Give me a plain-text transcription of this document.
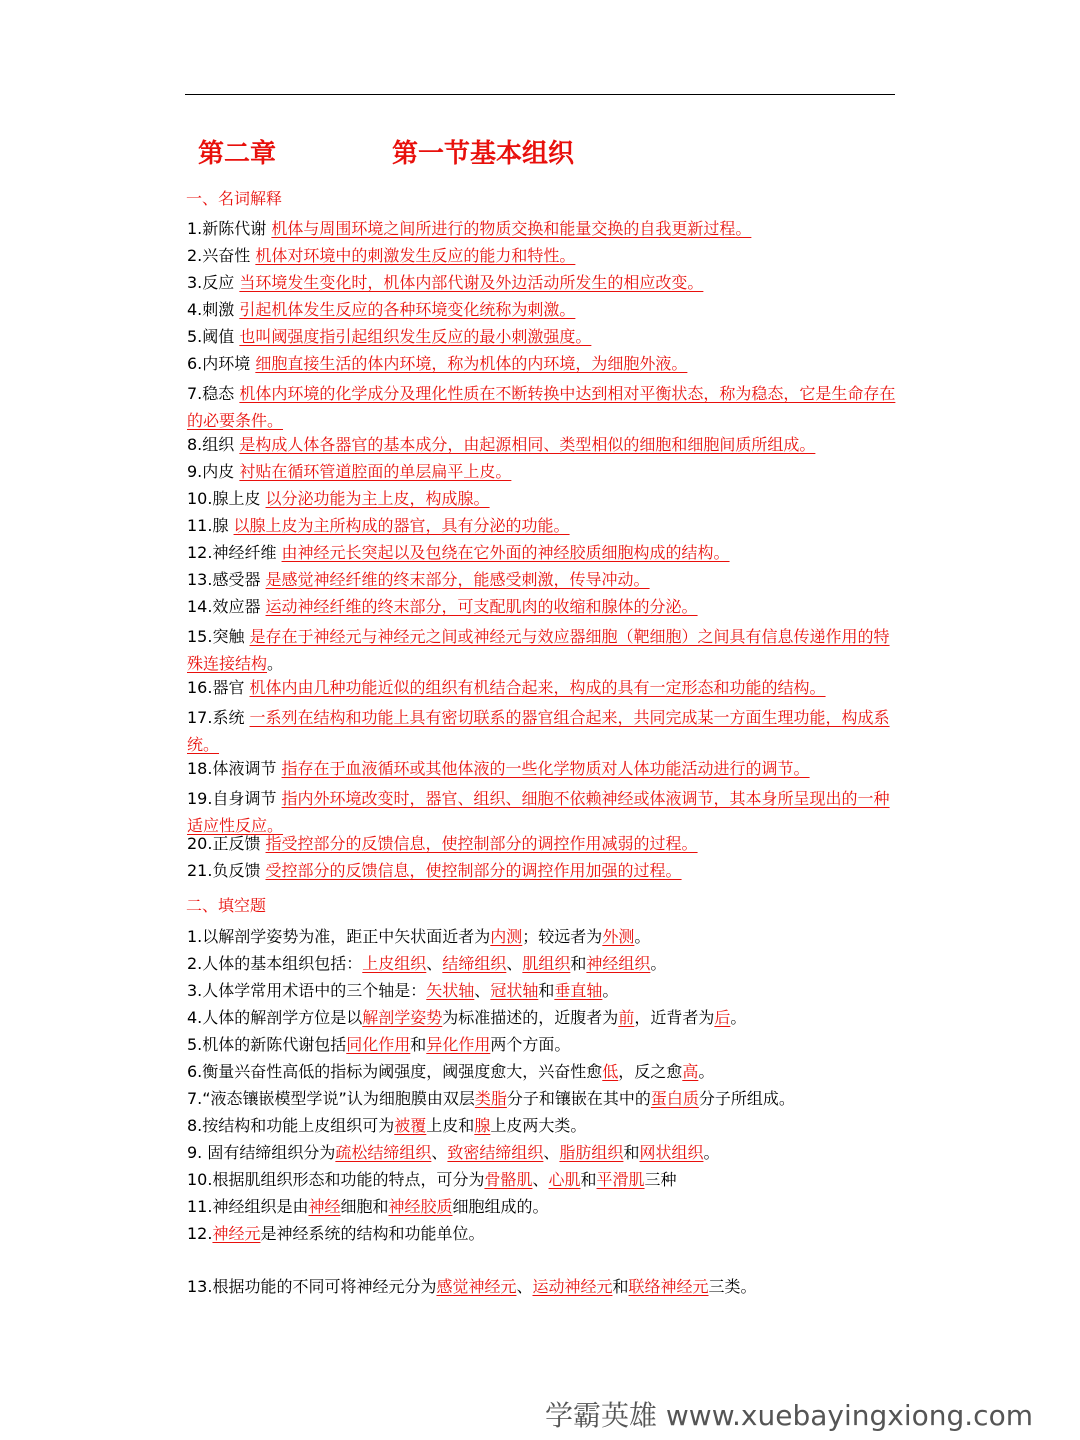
第二章	第一节基本组织
一、名词解释
1.新陈代谢 机体与周围环境之间所进行的物质交换和能量交换的自我更新过程。
2.兴奋性 机体对环境中的刺激发生反应的能力和特性。
3.反应 当环境发生变化时，机体内部代谢及外边活动所发生的相应改变。
4.刺激 引起机体发生反应的各种环境变化统称为刺激。
5.阈值 也叫阈强度指引起组织发生反应的最小刺激强度。
6.内环境 细胞直接生活的体内环境，称为机体的内环境，为细胞外液。
7.稳态 机体内环境的化学成分及理化性质在不断转换中达到相对平衡状态，称为稳态，它是生命存在的必要条件。
8.组织 是构成人体各器官的基本成分，由起源相同、类型相似的细胞和细胞间质所组成。
9.内皮 衬贴在循环管道腔面的单层扁平上皮。
10.腺上皮 以分泌功能为主上皮，构成腺。
11.腺 以腺上皮为主所构成的器官，具有分泌的功能。
12.神经纤维 由神经元长突起以及包绕在它外面的神经胶质细胞构成的结构。
13.感受器 是感觉神经纤维的终末部分，能感受刺激，传导冲动。
14.效应器 运动神经纤维的终末部分，可支配肌肉的收缩和腺体的分泌。
15.突触 是存在于神经元与神经元之间或神经元与效应器细胞（靶细胞）之间具有信息传递作用的特殊连接结构。
16.器官 机体内由几种功能近似的组织有机结合起来，构成的具有一定形态和功能的结构。
17.系统 一系列在结构和功能上具有密切联系的器官组合起来，共同完成某一方面生理功能，构成系统。
18.体液调节 指存在于血液循环或其他体液的一些化学物质对人体功能活动进行的调节。
19.自身调节 指内外环境改变时，器官、组织、细胞不依赖神经或体液调节，其本身所呈现出的一种适应性反应。
20.正反馈 指受控部分的反馈信息，使控制部分的调控作用减弱的过程。
21.负反馈 受控部分的反馈信息，使控制部分的调控作用加强的过程。
二、填空题
1.以解剖学姿势为准，距正中矢状面近者为内测；较远者为外测。
2.人体的基本组织包括：上皮组织、结缔组织、肌组织和神经组织。
3.人体学常用术语中的三个轴是：矢状轴、冠状轴和垂直轴。
4.人体的解剖学方位是以解剖学姿势为标准描述的，近腹者为前，近背者为后。
5.机体的新陈代谢包括同化作用和异化作用两个方面。
6.衡量兴奋性高低的指标为阈强度，阈强度愈大，兴奋性愈低，反之愈高。
7.“液态镶嵌模型学说”认为细胞膜由双层类脂分子和镶嵌在其中的蛋白质分子所组成。
8.按结构和功能上皮组织可为被覆上皮和腺上皮两大类。
9. 固有结缔组织分为疏松结缔组织、致密结缔组织、脂肪组织和网状组织。
10.根据肌组织形态和功能的特点，可分为骨骼肌、心肌和平滑肌三种
11.神经组织是由神经细胞和神经胶质细胞组成的。
12.神经元是神经系统的结构和功能单位。
13.根据功能的不同可将神经元分为感觉神经元、运动神经元和联络神经元三类。
学霸英雄 www.xuebayingxiong.com
